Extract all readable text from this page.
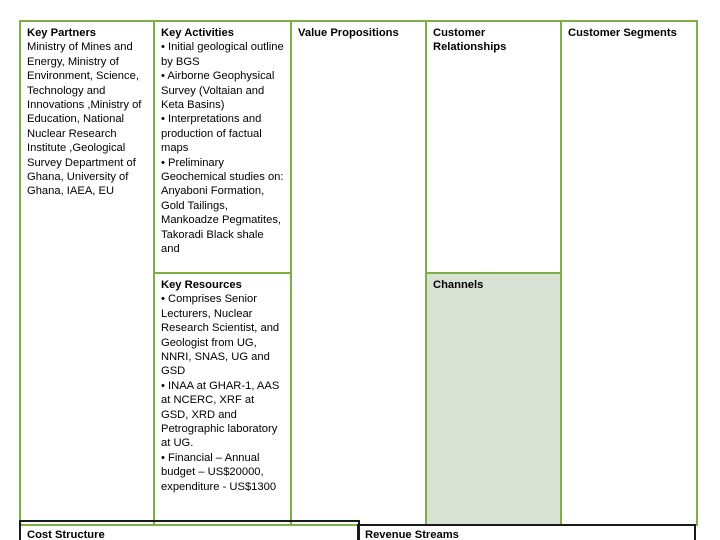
Key Partners
Ministry of Mines and Energy, Ministry of Environment, Science, Technology and Innovations ,Ministry of Education, National Nuclear Research Institute ,Geological Survey Department of Ghana, University of Ghana, IAEA, EU
Key Activities
• Initial geological outline by BGS
• Airborne Geophysical Survey (Voltaian and Keta Basins)
• Interpretations and production of factual maps
• Preliminary Geochemical studies on: Anyaboni Formation, Gold Tailings, Mankoadze Pegmatites, Takoradi Black shale and
Key Resources
• Comprises Senior Lecturers, Nuclear Research Scientist, and Geologist from UG, NNRI, SNAS, UG and GSD
• INAA at GHAR-1, AAS at NCERC, XRF at GSD, XRD and Petrographic laboratory at UG.
• Financial – Annual budget – US$20000, expenditure - US$1300
Value Propositions	Customer Relationships
Channels
Customer Segments
Cost Structure	Revenue Streams
